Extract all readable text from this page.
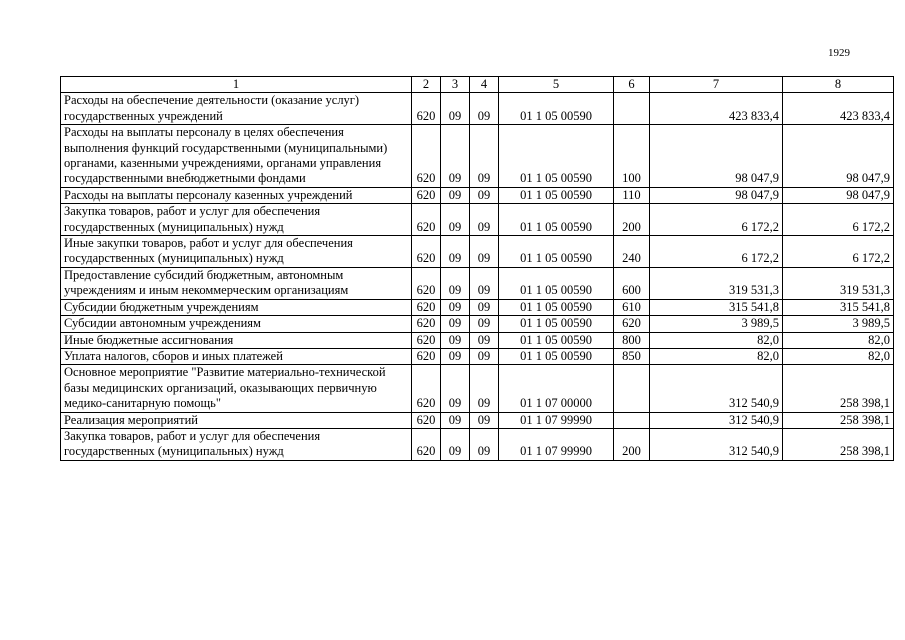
1929
1	2	3	4	5	6	7	8
Расходы на обеспечение деятельности (оказание услуг) государственных учреждений	620	09	09	01 1 05 00590		423 833,4	423 833,4
Расходы на выплаты персоналу в целях обеспечения выполнения функций государственными (муниципальными) органами, казенными учреждениями, органами управления государственными внебюджетными фондами	620	09	09	01 1 05 00590	100	98 047,9	98 047,9
Расходы на выплаты персоналу казенных учреждений	620	09	09	01 1 05 00590	110	98 047,9	98 047,9
Закупка товаров, работ и услуг для обеспечения государственных (муниципальных) нужд	620	09	09	01 1 05 00590	200	6 172,2	6 172,2
Иные закупки товаров, работ и услуг для обеспечения государственных (муниципальных) нужд	620	09	09	01 1 05 00590	240	6 172,2	6 172,2
Предоставление субсидий бюджетным, автономным учреждениям и иным некоммерческим организациям	620	09	09	01 1 05 00590	600	319 531,3	319 531,3
Субсидии бюджетным учреждениям	620	09	09	01 1 05 00590	610	315 541,8	315 541,8
Субсидии автономным учреждениям	620	09	09	01 1 05 00590	620	3 989,5	3 989,5
Иные бюджетные ассигнования	620	09	09	01 1 05 00590	800	82,0	82,0
Уплата налогов, сборов и иных платежей	620	09	09	01 1 05 00590	850	82,0	82,0
Основное мероприятие "Развитие материально-технической базы медицинских организаций, оказывающих первичную медико-санитарную помощь"	620	09	09	01 1 07 00000		312 540,9	258 398,1
Реализация мероприятий	620	09	09	01 1 07 99990		312 540,9	258 398,1
Закупка товаров, работ и услуг для обеспечения государственных (муниципальных) нужд	620	09	09	01 1 07 99990	200	312 540,9	258 398,1
